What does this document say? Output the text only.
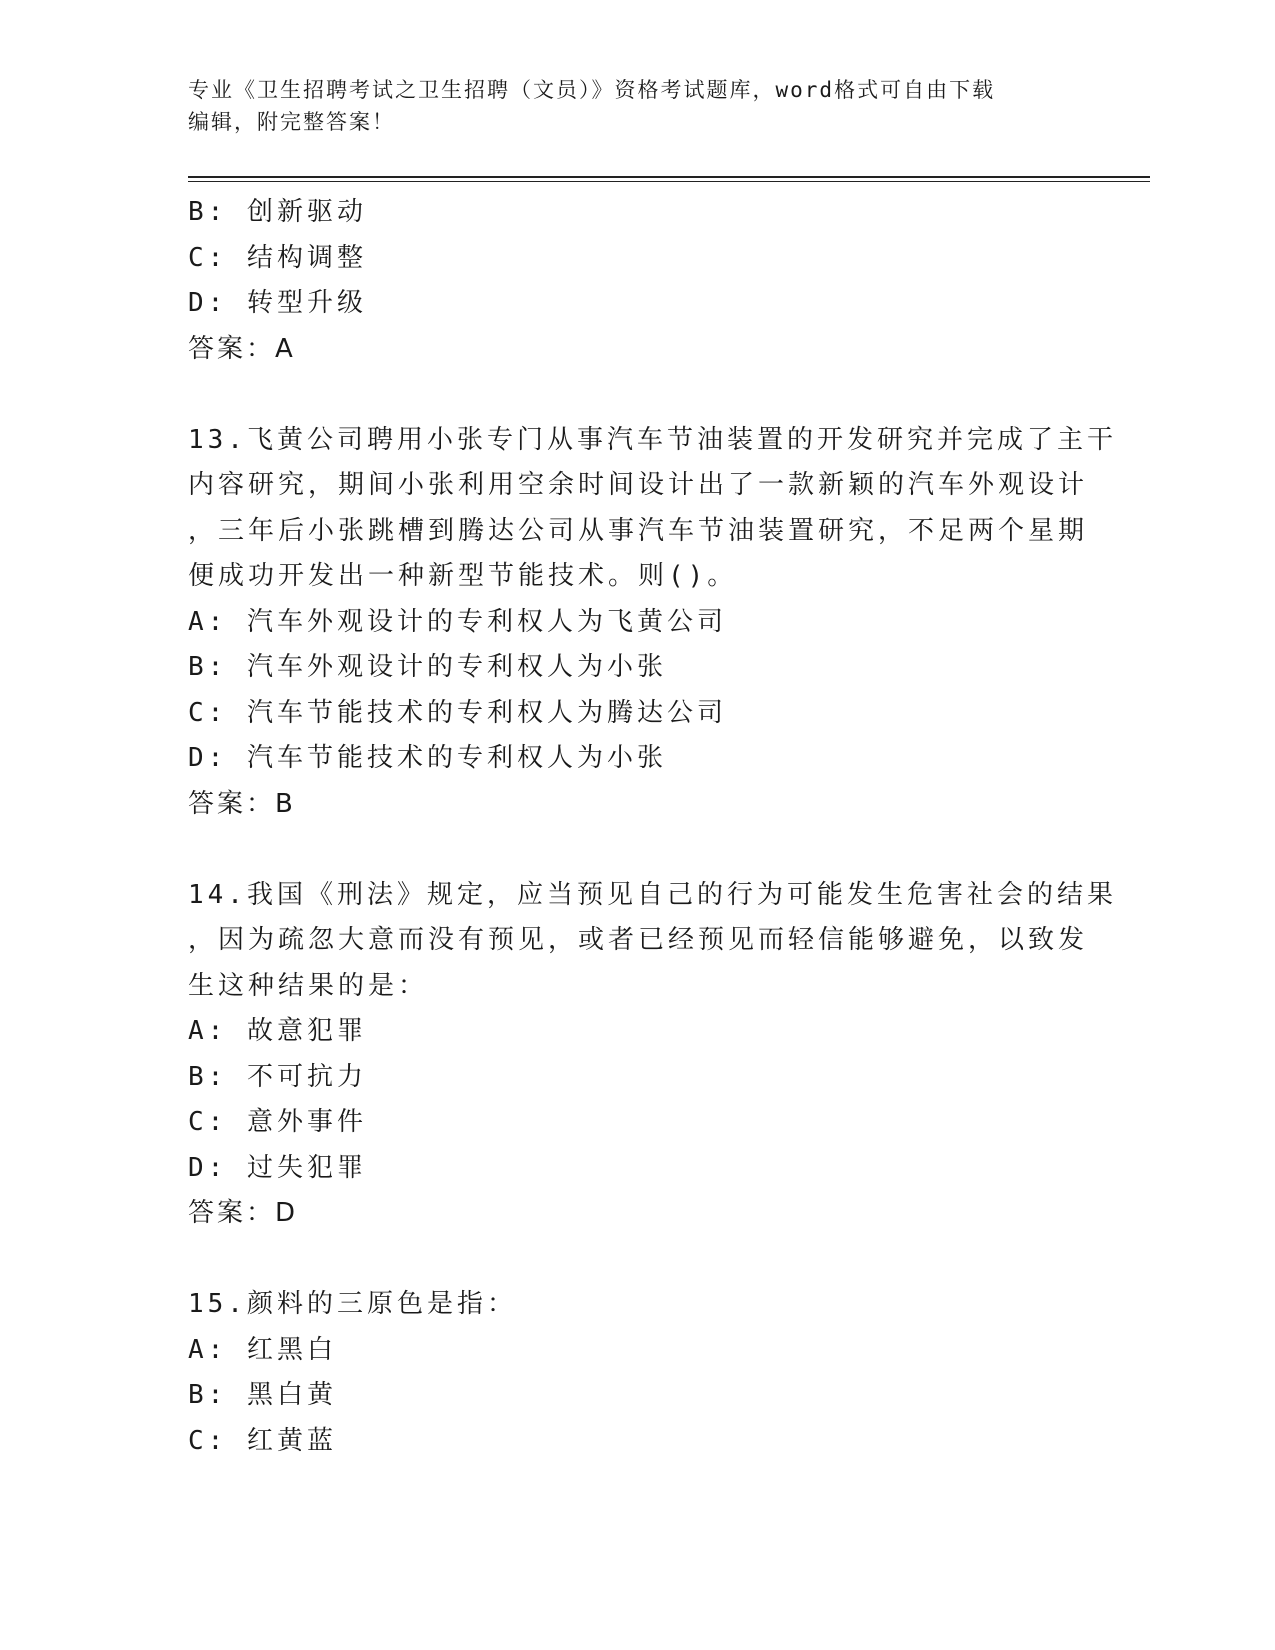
专业《卫生招聘考试之卫生招聘（文员）》资格考试题库，word格式可自由下载
编辑，附完整答案！
B: 创新驱动
C: 结构调整
D: 转型升级
答案：A
13.飞黄公司聘用小张专门从事汽车节油装置的开发研究并完成了主干
内容研究，期间小张利用空余时间设计出了一款新颖的汽车外观设计
，三年后小张跳槽到腾达公司从事汽车节油装置研究，不足两个星期
便成功开发出一种新型节能技术。则()。
A: 汽车外观设计的专利权人为飞黄公司
B: 汽车外观设计的专利权人为小张
C: 汽车节能技术的专利权人为腾达公司
D: 汽车节能技术的专利权人为小张
答案：B
14.我国《刑法》规定，应当预见自己的行为可能发生危害社会的结果
，因为疏忽大意而没有预见，或者已经预见而轻信能够避免，以致发
生这种结果的是：
A: 故意犯罪
B: 不可抗力
C: 意外事件
D: 过失犯罪
答案：D
15.颜料的三原色是指：
A: 红黑白
B: 黑白黄
C: 红黄蓝
